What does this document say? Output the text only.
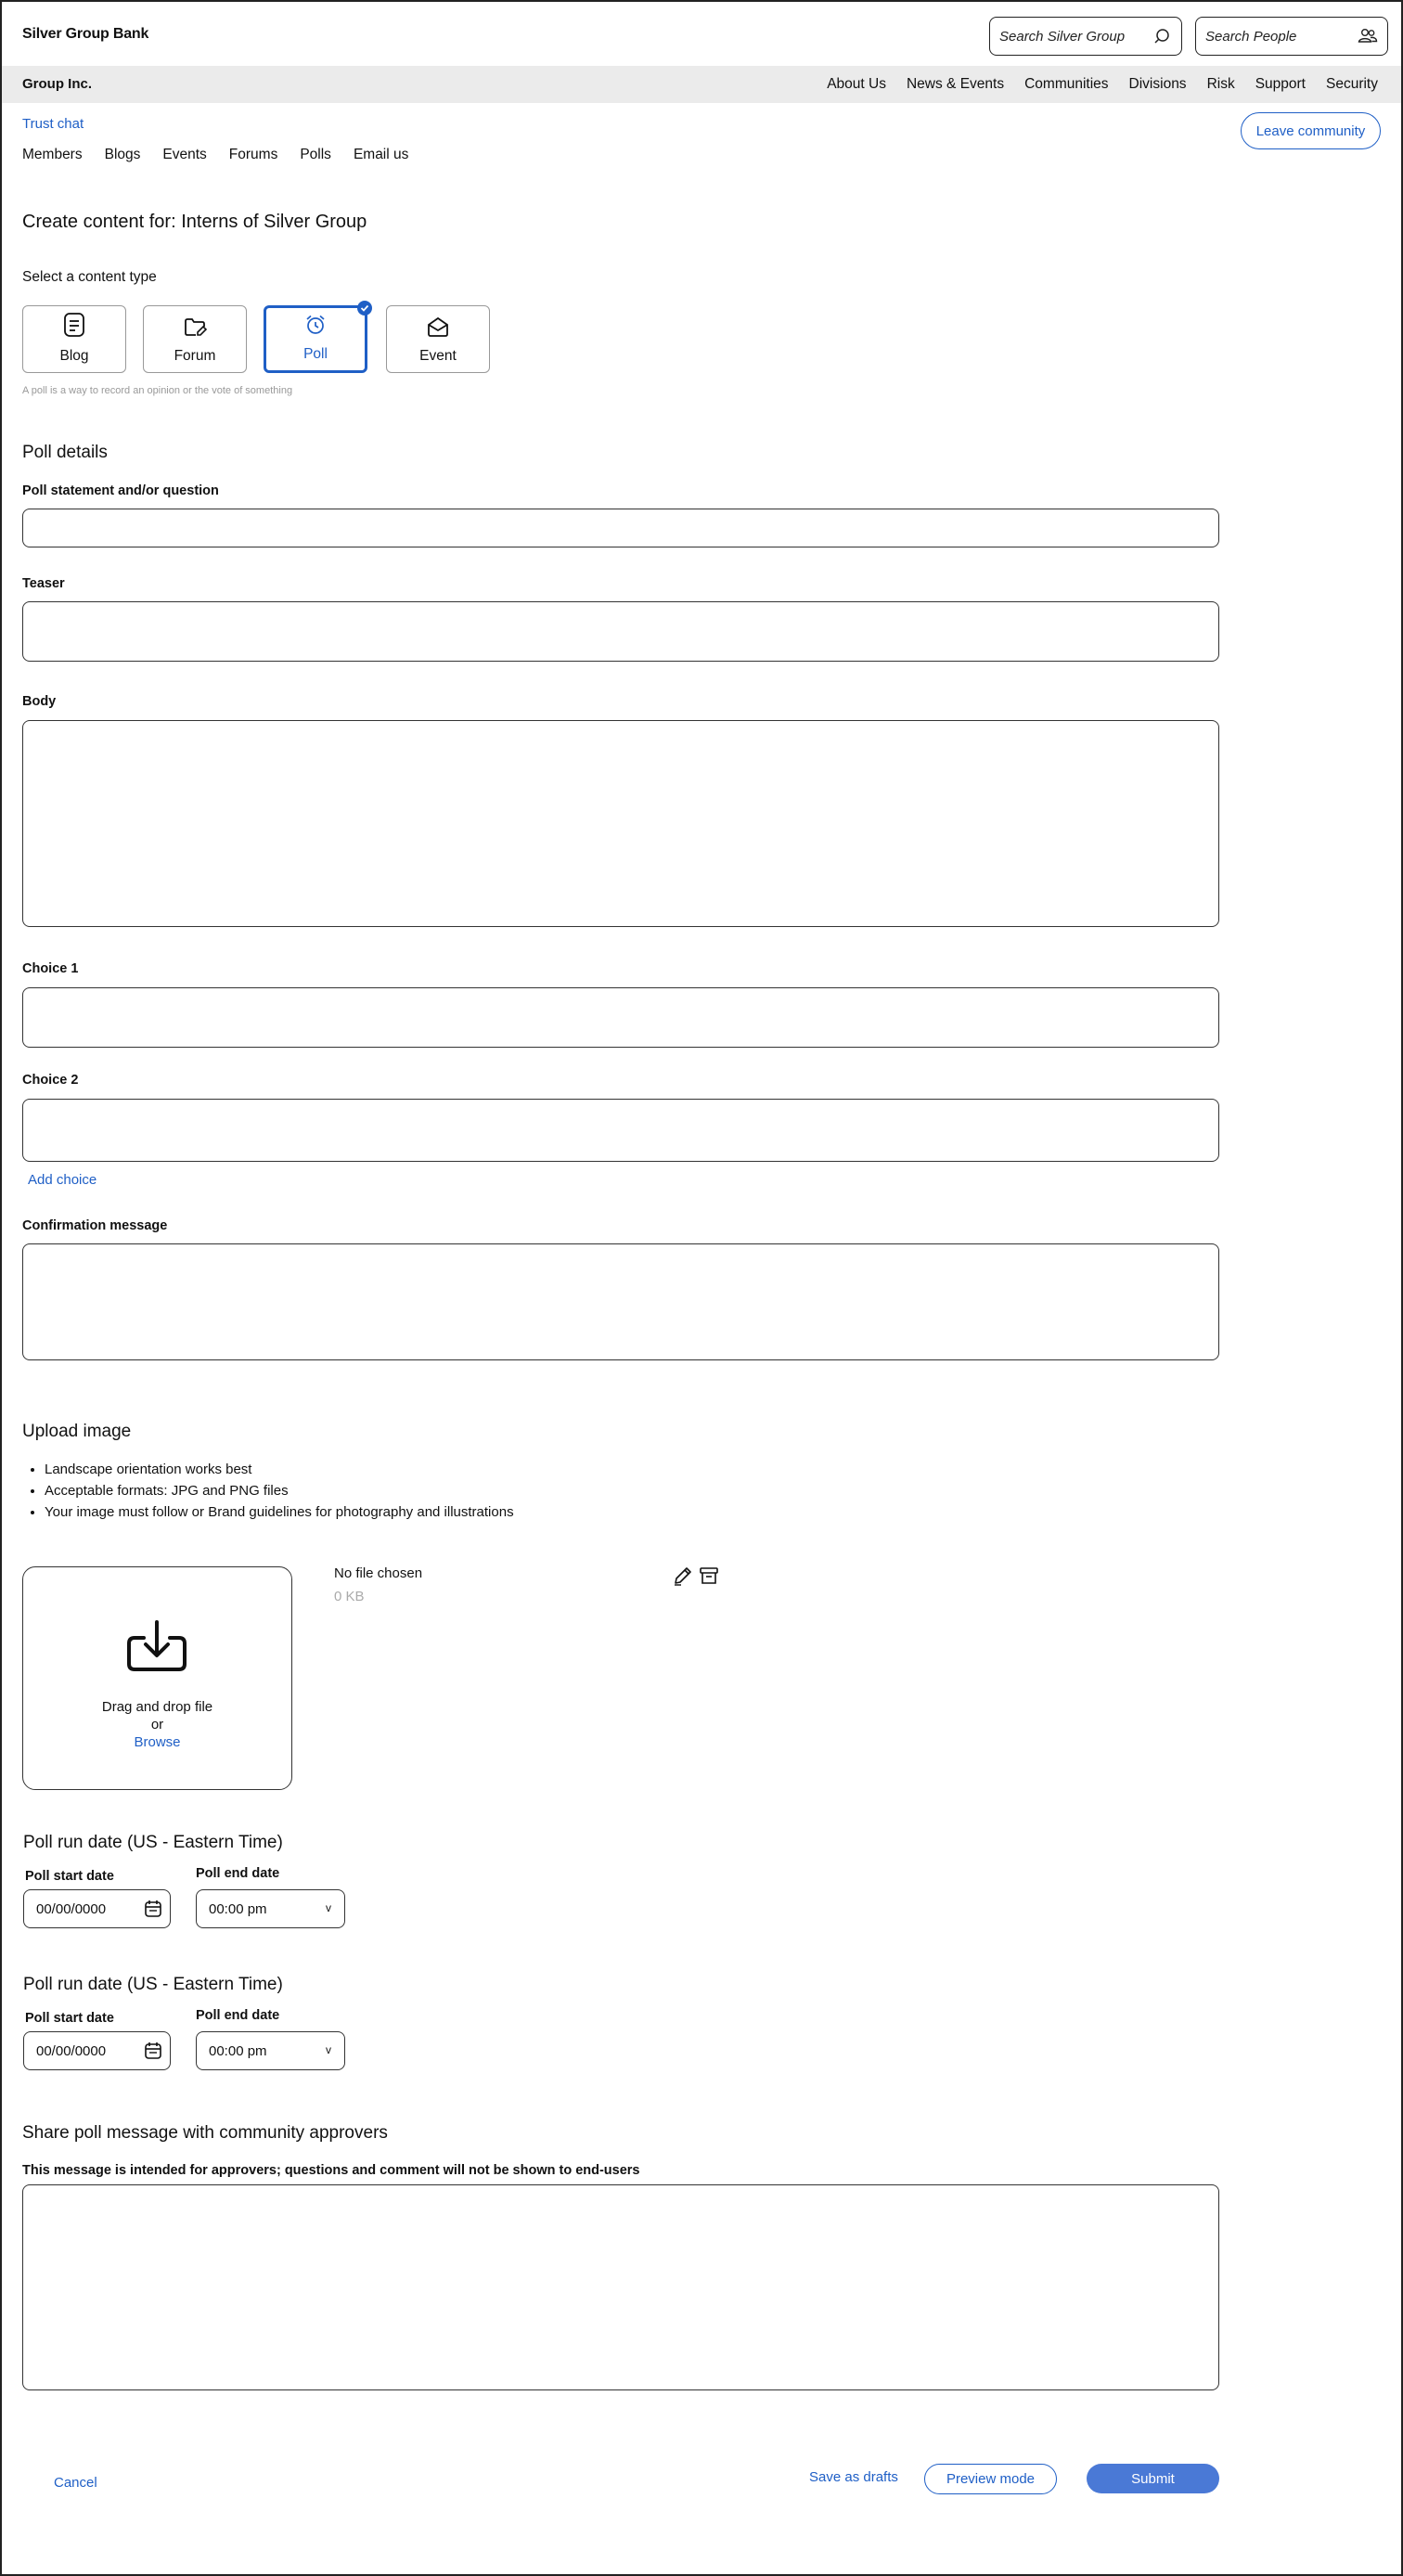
Silver Group Bank	Search Silver Group	Search People
Group Inc.	About Us News & Events Communities Divisions Risk Support Security
Trust chat	Leave community
Members Blogs Events Forums Polls Email us
Create content for: Interns of Silver Group
Select a content type
Blog	Forum	Poll	Event
A poll is a way to record an opinion or the vote of something
Poll details
Poll statement and/or question
Teaser
Body
Choice 1
Choice 2
Add choice
Confirmation message
Upload image
• Landscape orientation works best
• Acceptable formats: JPG and PNG files
• Your image must follow or Brand guidelines for photography and illustrations
Drag and drop file
or
Browse
No file chosen
0 KB
Poll run date (US - Eastern Time)
Poll start date	Poll end date
00/00/0000	00:00 pm	v
Poll run date (US - Eastern Time)
Poll start date	Poll end date
00/00/0000	00:00 pm	v
Share poll message with community approvers
This message is intended for approvers; questions and comment will not be shown to end-users
Cancel	Save as drafts	Preview mode	Submit
